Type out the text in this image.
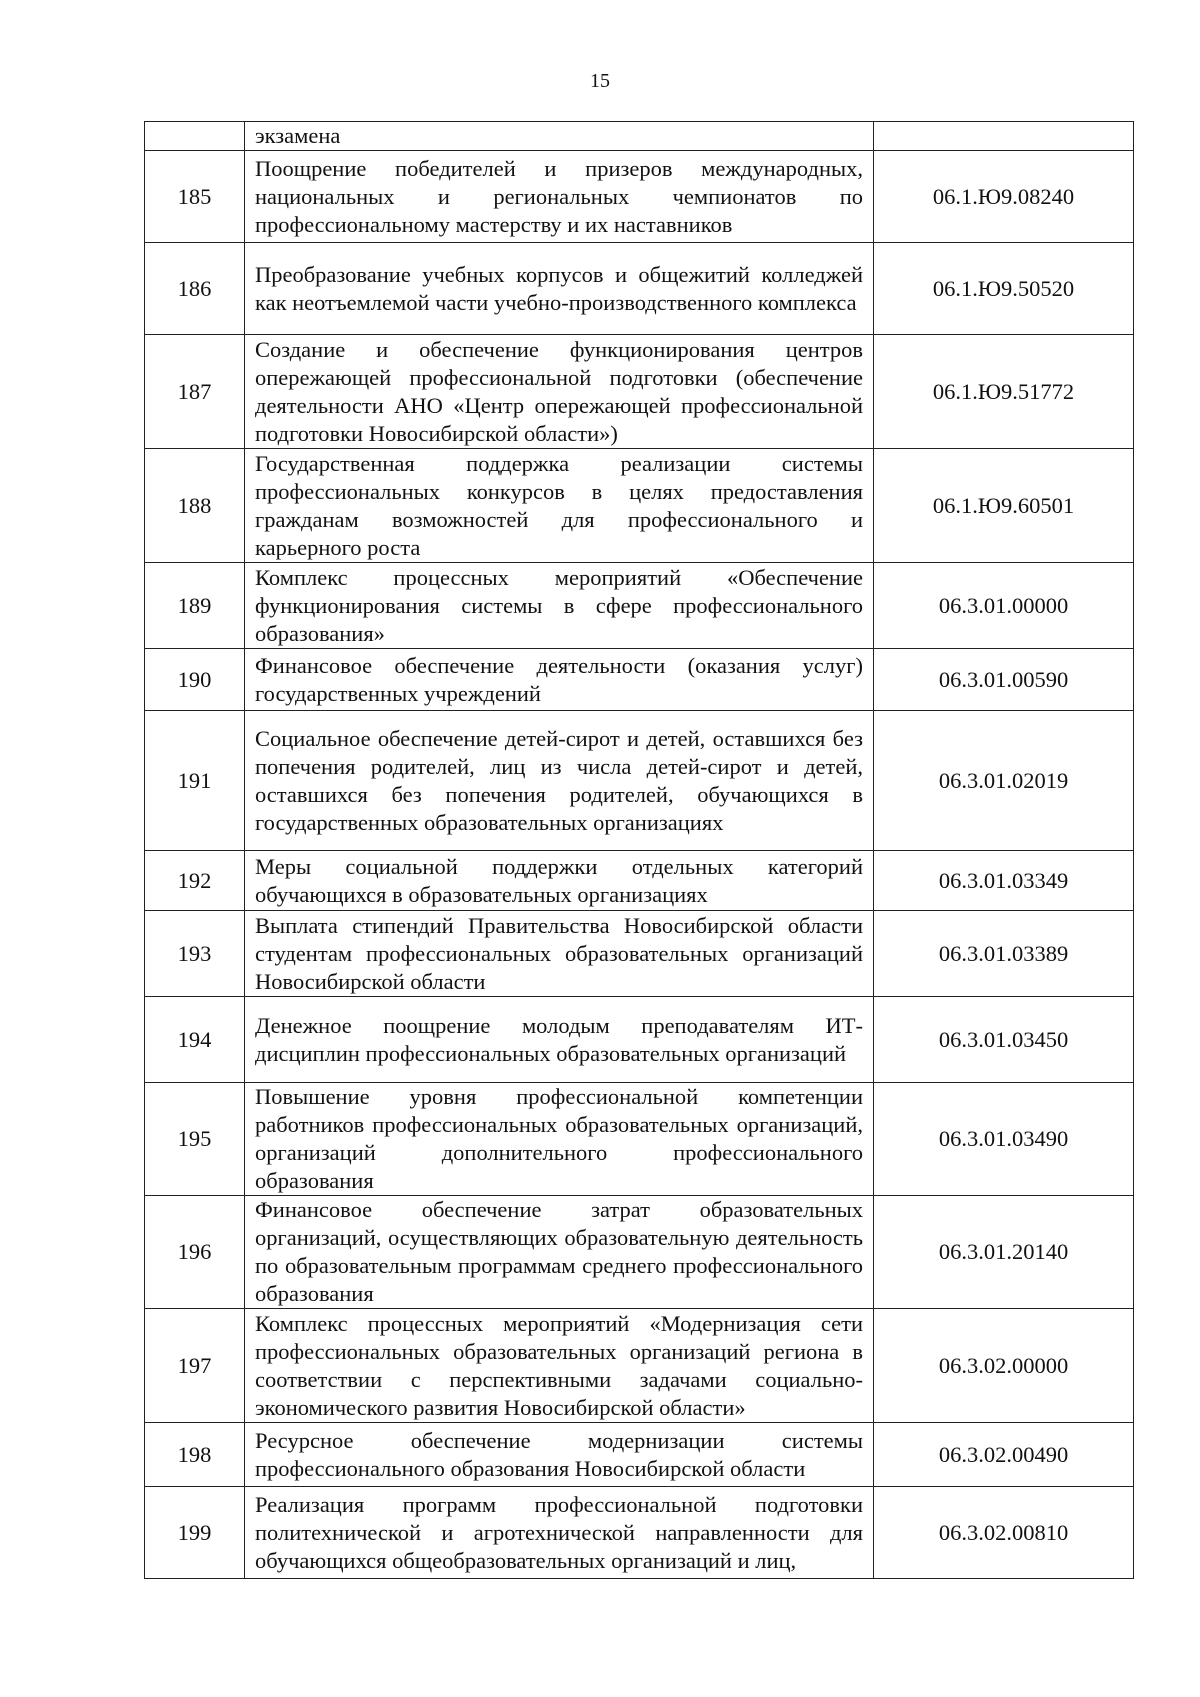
15
	экзамена	
185	Поощрение победителей и призеров международных, национальных и региональных чемпионатов по профессиональному мастерству и их наставников	06.1.Ю9.08240
186	Преобразование учебных корпусов и общежитий колледжей как неотъемлемой части учебно-производственного комплекса	06.1.Ю9.50520
187	Создание и обеспечение функционирования центров опережающей профессиональной подготовки (обеспечение деятельности АНО «Центр опережающей профессиональной подготовки Новосибирской области»)	06.1.Ю9.51772
188	Государственная поддержка реализации системы профессиональных конкурсов в целях предоставления гражданам возможностей для профессионального и карьерного роста	06.1.Ю9.60501
189	Комплекс процессных мероприятий «Обеспечение функционирования системы в сфере профессионального образования»	06.3.01.00000
190	Финансовое обеспечение деятельности (оказания услуг) государственных учреждений	06.3.01.00590
191	Социальное обеспечение детей-сирот и детей, оставшихся без попечения родителей, лиц из числа детей-сирот и детей, оставшихся без попечения родителей, обучающихся в государственных образовательных организациях	06.3.01.02019
192	Меры социальной поддержки отдельных категорий обучающихся в образовательных организациях	06.3.01.03349
193	Выплата стипендий Правительства Новосибирской области студентам профессиональных образовательных организаций Новосибирской области	06.3.01.03389
194	Денежное поощрение молодым преподавателям ИТ-дисциплин профессиональных образовательных организаций	06.3.01.03450
195	Повышение уровня профессиональной компетенции работников профессиональных образовательных организаций, организаций дополнительного профессионального образования	06.3.01.03490
196	Финансовое обеспечение затрат образовательных организаций, осуществляющих образовательную деятельность по образовательным программам среднего профессионального образования	06.3.01.20140
197	Комплекс процессных мероприятий «Модернизация сети профессиональных образовательных организаций региона в соответствии с перспективными задачами социально-экономического развития Новосибирской области»	06.3.02.00000
198	Ресурсное обеспечение модернизации системы профессионального образования Новосибирской области	06.3.02.00490
199	Реализация программ профессиональной подготовки политехнической и агротехнической направленности для обучающихся общеобразовательных организаций и лиц,	06.3.02.00810
